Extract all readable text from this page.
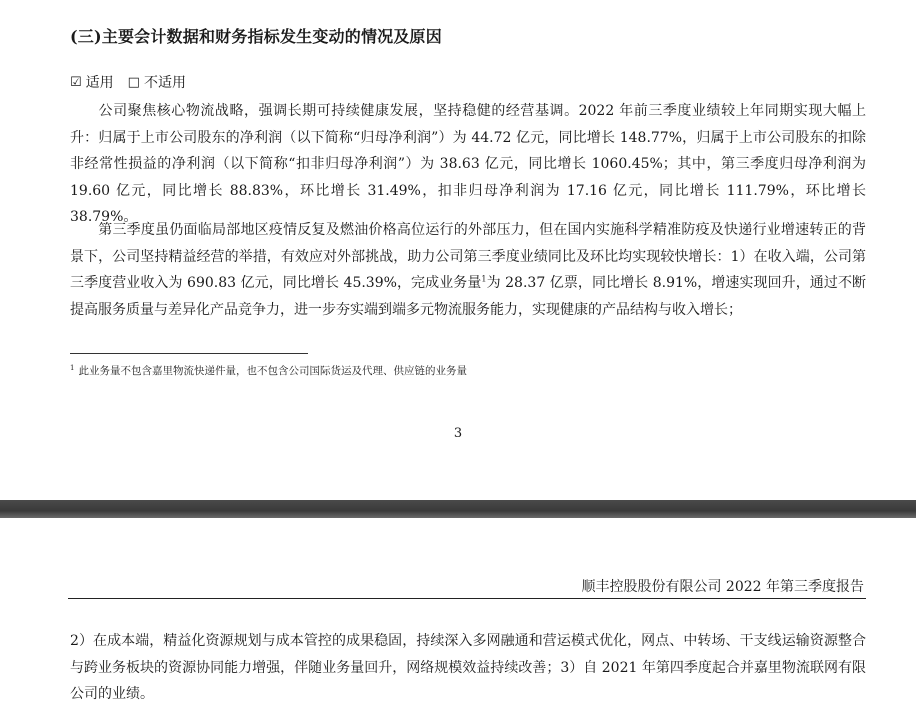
(三)主要会计数据和财务指标发生变动的情况及原因
☑ 适用 □ 不适用
公司聚焦核心物流战略，强调长期可持续健康发展，坚持稳健的经营基调。2022 年前三季度业绩较上年同期实现大幅上升：归属于上市公司股东的净利润（以下简称“归母净利润”）为 44.72 亿元，同比增长 148.77%，归属于上市公司股东的扣除非经常性损益的净利润（以下简称“扣非归母净利润”）为 38.63 亿元，同比增长 1060.45%；其中，第三季度归母净利润为 19.60 亿元，同比增长 88.83%，环比增长 31.49%，扣非归母净利润为 17.16 亿元，同比增长 111.79%，环比增长 38.79%。
第三季度虽仍面临局部地区疫情反复及燃油价格高位运行的外部压力，但在国内实施科学精准防疫及快递行业增速转正的背景下，公司坚持精益经营的举措，有效应对外部挑战，助力公司第三季度业绩同比及环比均实现较快增长：1）在收入端，公司第三季度营业收入为 690.83 亿元，同比增长 45.39%，完成业务量$^1$为 28.37 亿票，同比增长 8.91%，增速实现回升，通过不断提高服务质量与差异化产品竞争力，进一步夯实端到端多元物流服务能力，实现健康的产品结构与收入增长；
$^1$ 此业务量不包含嘉里物流快递件量，也不包含公司国际货运及代理、供应链的业务量
3
顺丰控股股份有限公司 2022 年第三季度报告
2）在成本端，精益化资源规划与成本管控的成果稳固，持续深入多网融通和营运模式优化，网点、中转场、干支线运输资源整合与跨业务板块的资源协同能力增强，伴随业务量回升，网络规模效益持续改善；3）自 2021 年第四季度起合并嘉里物流联网有限公司的业绩。
